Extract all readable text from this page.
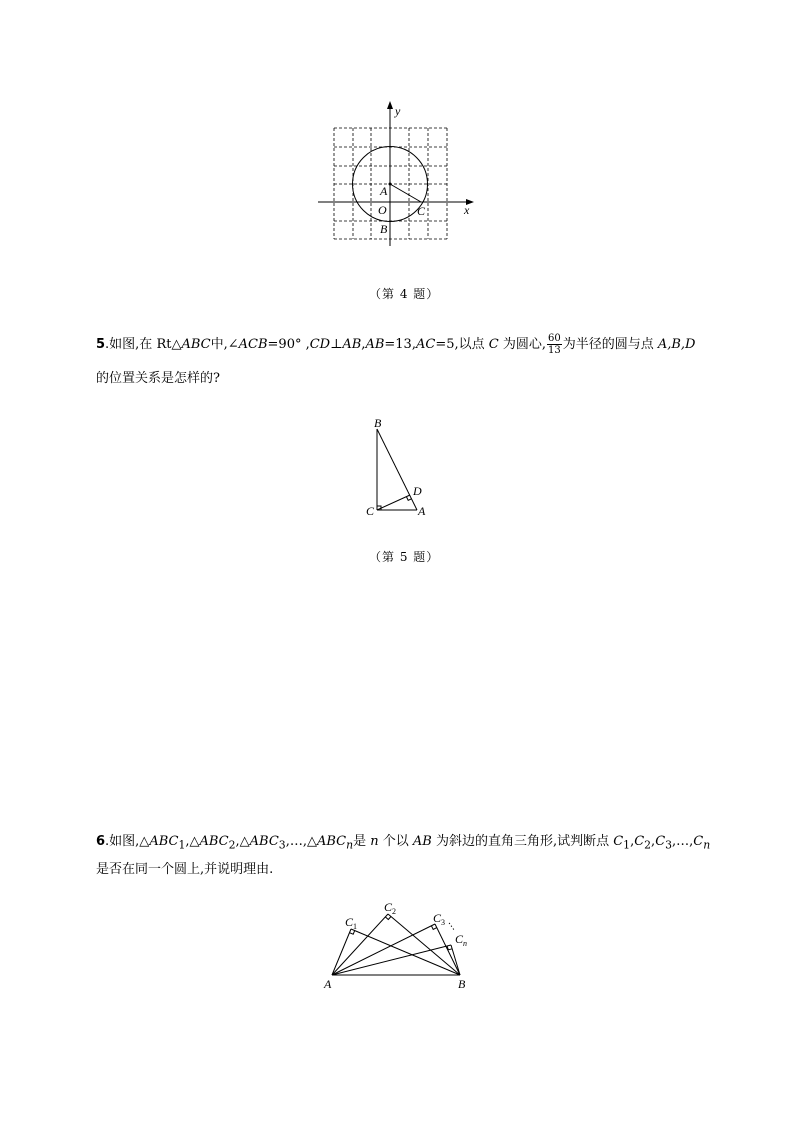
y
x
A
O	C
B
（第 4 题）
5.如图,在 Rt△ABC中,∠ACB=90° ,CD⊥AB,AB=13,AC=5,以点 C 为圆心, $\frac{60}{13}$ 为半径的圆与点 A,B,D
的位置关系是怎样的?
B
D
C	A
（第 5 题）
6.如图$,\triangle ABC_1,\triangle ABC_2,\triangle ABC_3,\dots,\triangle ABC_n$是 n 个以 AB 为斜边的直角三角形,试判断点 $C_1,C_2,C_3,\dots,C_n$
是否在同一个圆上,并说明理由.
$C_1$
$C_2$	$C_3$ ⋮
$C_n$
A	B
